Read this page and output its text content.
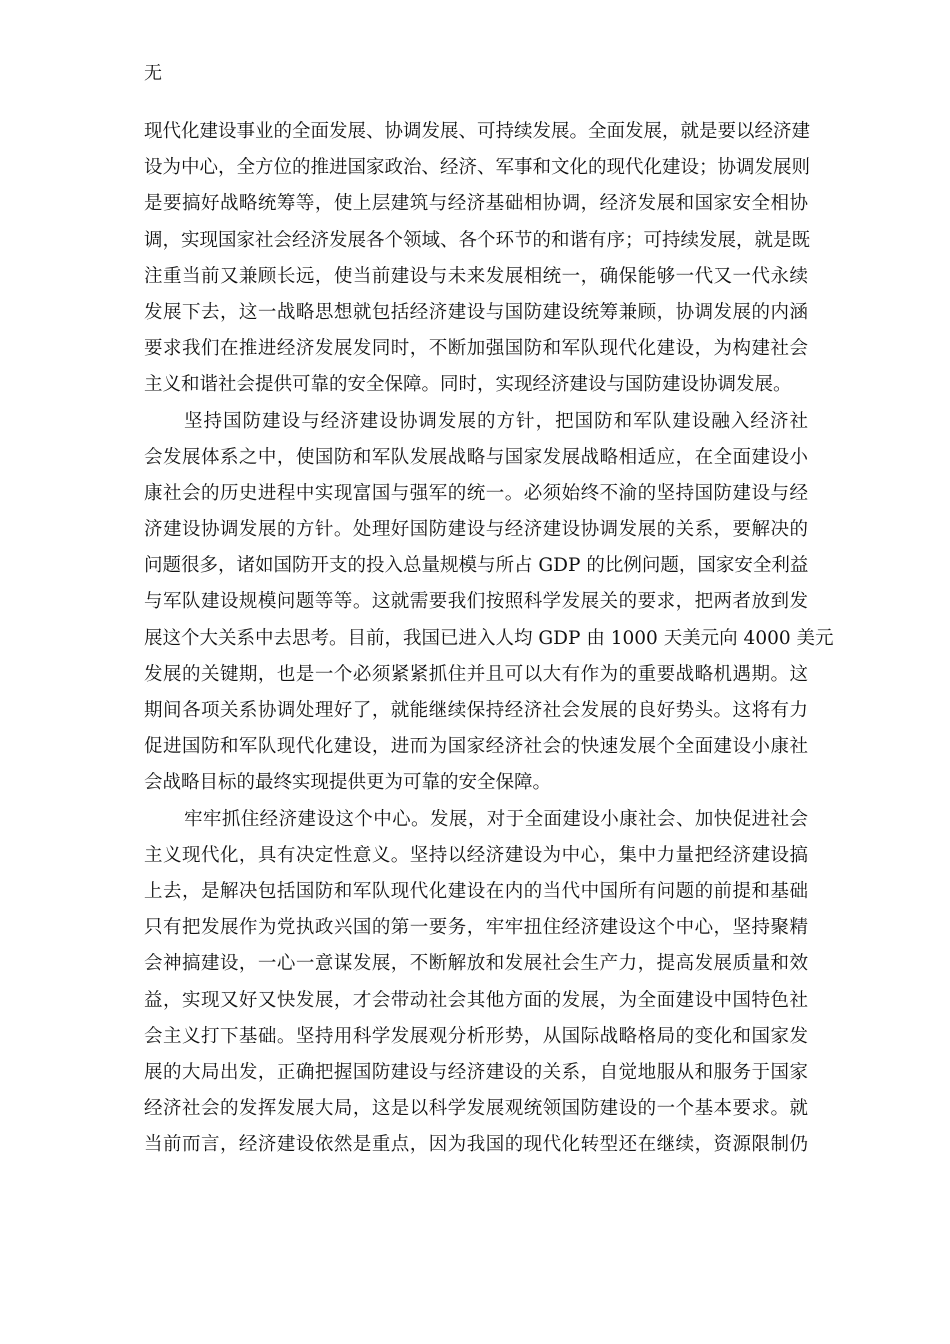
无
现代化建设事业的全面发展、协调发展、可持续发展。全面发展，就是要以经济建
设为中心，全方位的推进国家政治、经济、军事和文化的现代化建设；协调发展则
是要搞好战略统筹等，使上层建筑与经济基础相协调，经济发展和国家安全相协
调，实现国家社会经济发展各个领域、各个环节的和谐有序；可持续发展，就是既
注重当前又兼顾长远，使当前建设与未来发展相统一，确保能够一代又一代永续
发展下去，这一战略思想就包括经济建设与国防建设统筹兼顾，协调发展的内涵
要求我们在推进经济发展发同时，不断加强国防和军队现代化建设，为构建社会
主义和谐社会提供可靠的安全保障。同时，实现经济建设与国防建设协调发展。
坚持国防建设与经济建设协调发展的方针，把国防和军队建设融入经济社
会发展体系之中，使国防和军队发展战略与国家发展战略相适应，在全面建设小
康社会的历史进程中实现富国与强军的统一。必须始终不渝的坚持国防建设与经
济建设协调发展的方针。处理好国防建设与经济建设协调发展的关系，要解决的
问题很多，诸如国防开支的投入总量规模与所占 GDP 的比例问题，国家安全利益
与军队建设规模问题等等。这就需要我们按照科学发展关的要求，把两者放到发
展这个大关系中去思考。目前，我国已进入人均 GDP 由 1000 天美元向 4000 美元
发展的关键期，也是一个必须紧紧抓住并且可以大有作为的重要战略机遇期。这
期间各项关系协调处理好了，就能继续保持经济社会发展的良好势头。这将有力
促进国防和军队现代化建设，进而为国家经济社会的快速发展个全面建设小康社
会战略目标的最终实现提供更为可靠的安全保障。
牢牢抓住经济建设这个中心。发展，对于全面建设小康社会、加快促进社会
主义现代化，具有决定性意义。坚持以经济建设为中心，集中力量把经济建设搞
上去，是解决包括国防和军队现代化建设在内的当代中国所有问题的前提和基础
只有把发展作为党执政兴国的第一要务，牢牢扭住经济建设这个中心，坚持聚精
会神搞建设，一心一意谋发展，不断解放和发展社会生产力，提高发展质量和效
益，实现又好又快发展，才会带动社会其他方面的发展，为全面建设中国特色社
会主义打下基础。坚持用科学发展观分析形势，从国际战略格局的变化和国家发
展的大局出发，正确把握国防建设与经济建设的关系，自觉地服从和服务于国家
经济社会的发挥发展大局，这是以科学发展观统领国防建设的一个基本要求。就
当前而言，经济建设依然是重点，因为我国的现代化转型还在继续，资源限制仍
